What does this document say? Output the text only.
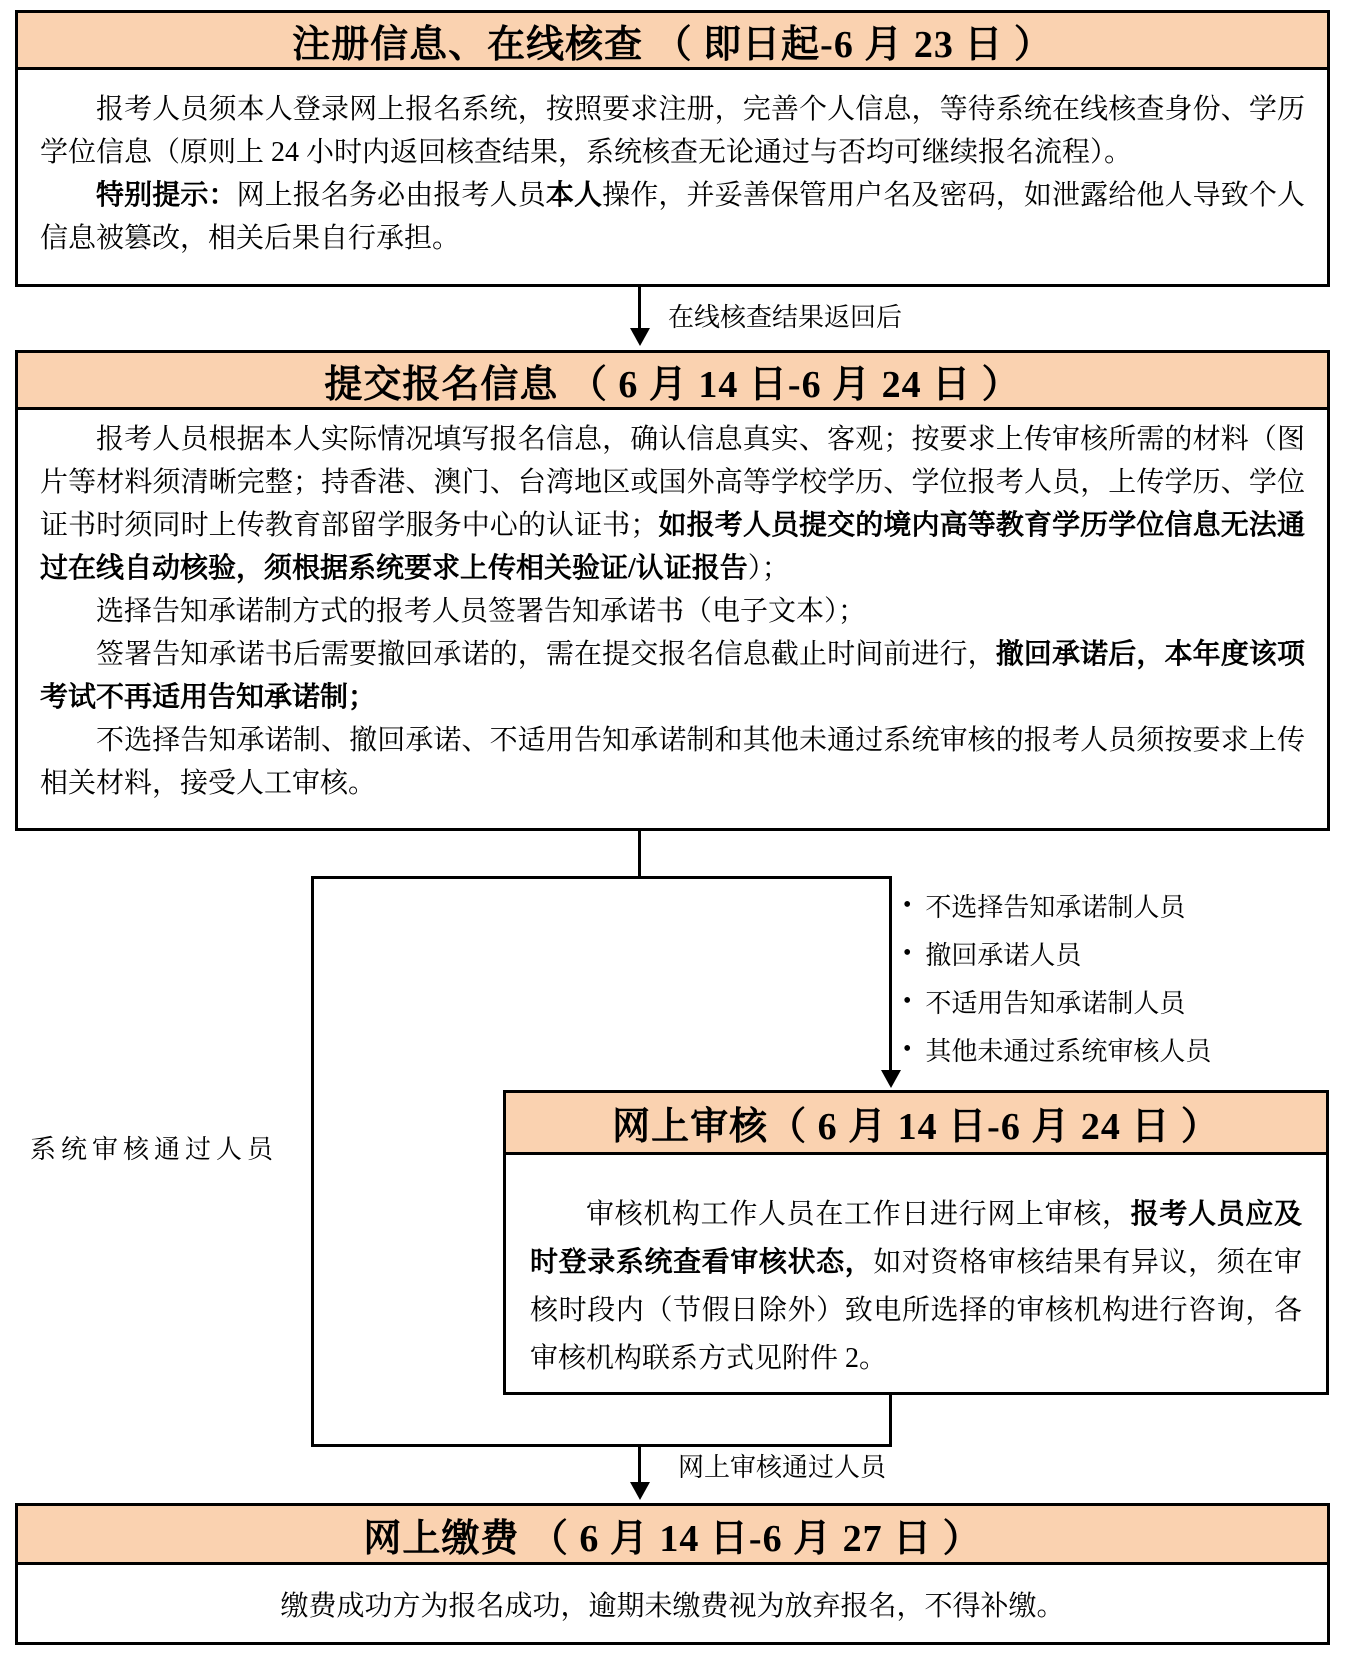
注册信息、在线核查 （ 即日起-6 月 23 日 ）

报考人员须本人登录网上报名系统，按照要求注册，完善个人信息，等待系统在线核查身份、学历学位信息（原则上 24 小时内返回核查结果，系统核查无论通过与否均可继续报名流程）。

特别提示：网上报名务必由报考人员本人操作，并妥善保管用户名及密码，如泄露给他人导致个人信息被篡改，相关后果自行承担。

在线核查结果返回后
提交报名信息 （ 6 月 14 日-6 月 24 日 ）

报考人员根据本人实际情况填写报名信息，确认信息真实、客观；按要求上传审核所需的材料（图片等材料须清晰完整；持香港、澳门、台湾地区或国外高等学校学历、学位报考人员，上传学历、学位证书时须同时上传教育部留学服务中心的认证书；如报考人员提交的境内高等教育学历学位信息无法通过在线自动核验，须根据系统要求上传相关验证/认证报告）；

选择告知承诺制方式的报考人员签署告知承诺书（电子文本）；

签署告知承诺书后需要撤回承诺的，需在提交报名信息截止时间前进行，撤回承诺后，本年度该项考试不再适用告知承诺制；

不选择告知承诺制、撤回承诺、不适用告知承诺制和其他未通过系统审核的报考人员须按要求上传相关材料，接受人工审核。

• 不选择告知承诺制人员
• 撤回承诺人员
• 不适用告知承诺制人员
• 其他未通过系统审核人员
系统审核通过人员
网上审核（ 6 月 14 日-6 月 24 日 ）

审核机构工作人员在工作日进行网上审核，报考人员应及时登录系统查看审核状态，如对资格审核结果有异议，须在审核时段内（节假日除外）致电所选择的审核机构进行咨询，各审核机构联系方式见附件 2。

网上审核通过人员
网上缴费 （ 6 月 14 日-6 月 27 日 ）
缴费成功方为报名成功，逾期未缴费视为放弃报名，不得补缴。
